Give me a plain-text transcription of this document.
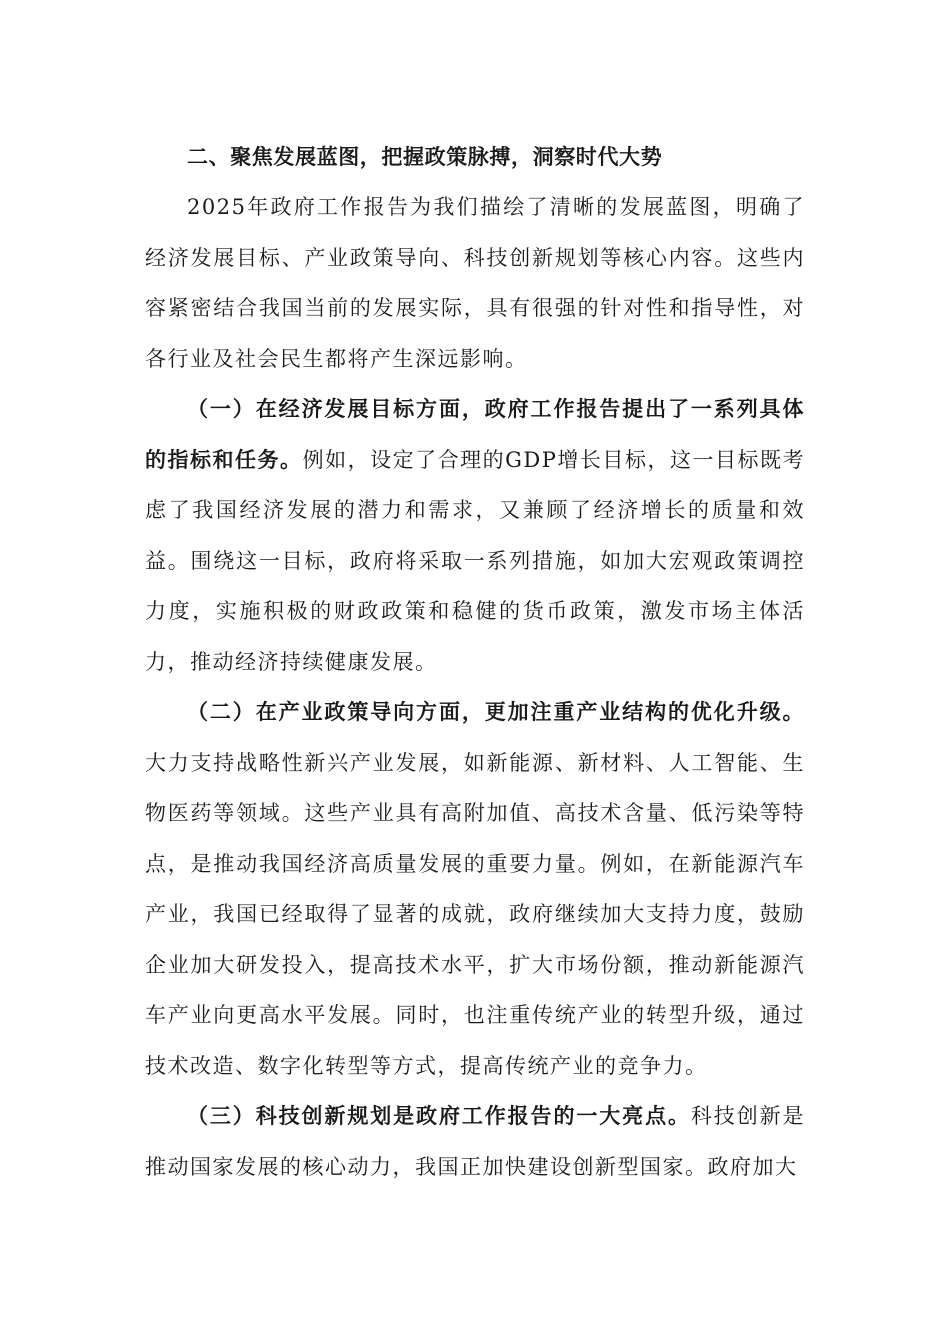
二、聚焦发展蓝图，把握政策脉搏，洞察时代大势

2025年政府工作报告为我们描绘了清晰的发展蓝图，明确了经济发展目标、产业政策导向、科技创新规划等核心内容。这些内容紧密结合我国当前的发展实际，具有很强的针对性和指导性，对各行业及社会民生都将产生深远影响。

（一）在经济发展目标方面，政府工作报告提出了一系列具体的指标和任务。例如，设定了合理的GDP增长目标，这一目标既考虑了我国经济发展的潜力和需求，又兼顾了经济增长的质量和效益。围绕这一目标，政府将采取一系列措施，如加大宏观政策调控力度，实施积极的财政政策和稳健的货币政策，激发市场主体活力，推动经济持续健康发展。

（二）在产业政策导向方面，更加注重产业结构的优化升级。大力支持战略性新兴产业发展，如新能源、新材料、人工智能、生物医药等领域。这些产业具有高附加值、高技术含量、低污染等特点，是推动我国经济高质量发展的重要力量。例如，在新能源汽车产业，我国已经取得了显著的成就，政府继续加大支持力度，鼓励企业加大研发投入，提高技术水平，扩大市场份额，推动新能源汽车产业向更高水平发展。同时，也注重传统产业的转型升级，通过技术改造、数字化转型等方式，提高传统产业的竞争力。

（三）科技创新规划是政府工作报告的一大亮点。科技创新是推动国家发展的核心动力，我国正加快建设创新型国家。政府加大
